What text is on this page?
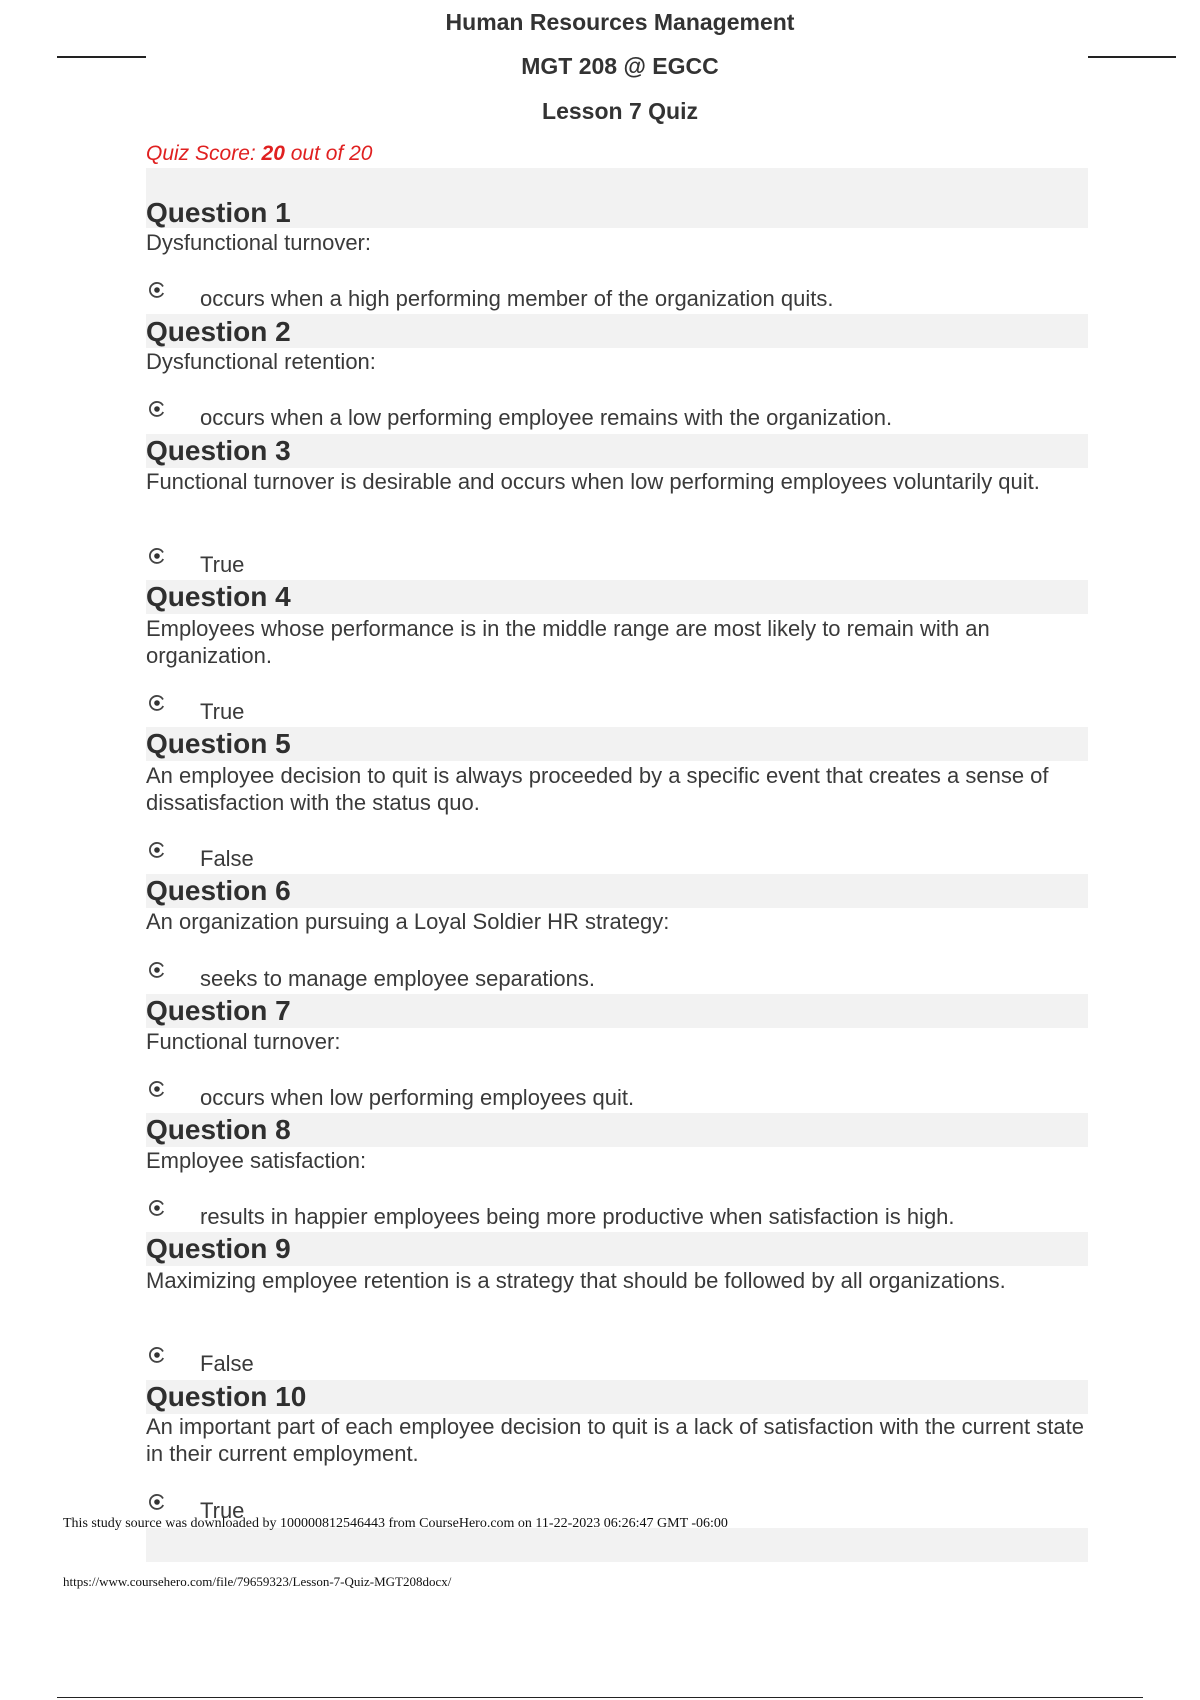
Human Resources Management
MGT 208 @ EGCC
Lesson 7 Quiz
Quiz Score: 20 out of 20
Question 1
Dysfunctional turnover:
occurs when a high performing member of the organization quits.
Question 2
Dysfunctional retention:
occurs when a low performing employee remains with the organization.
Question 3
Functional turnover is desirable and occurs when low performing employees voluntarily quit.
True
Question 4
Employees whose performance is in the middle range are most likely to remain with an organization.
True
Question 5
An employee decision to quit is always proceeded by a specific event that creates a sense of dissatisfaction with the status quo.
False
Question 6
An organization pursuing a Loyal Soldier HR strategy:
seeks to manage employee separations.
Question 7
Functional turnover:
occurs when low performing employees quit.
Question 8
Employee satisfaction:
results in happier employees being more productive when satisfaction is high.
Question 9
Maximizing employee retention is a strategy that should be followed by all organizations.
False
Question 10
An important part of each employee decision to quit is a lack of satisfaction with the current state in their current employment.
True
This study source was downloaded by 100000812546443 from CourseHero.com on 11-22-2023 06:26:47 GMT -06:00
https://www.coursehero.com/file/79659323/Lesson-7-Quiz-MGT208docx/
